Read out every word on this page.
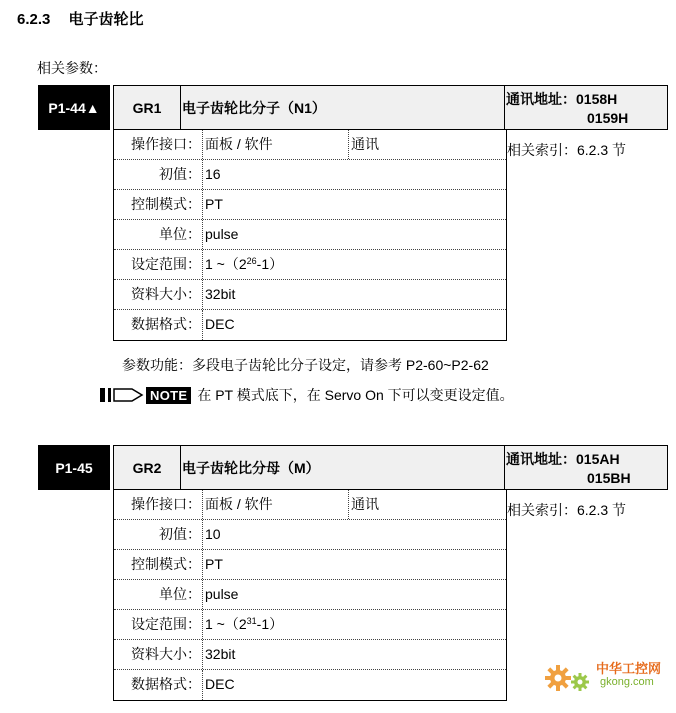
6.2.3 电子齿轮比
相关参数：
P1-44▲	GR1	电子齿轮比分子（N1）
通讯地址：0158H
0159H
操作接口： 面板 / 软件	通讯
初值： 16
控制模式： PT
单位： pulse
设定范围： 1 $\sim(2^{26}-1)$
资料大小： 32bit
数据格式： DEC
相关索引：6.2.3 节
参数功能：多段电子齿轮比分子设定，请参考 P2-60~P2-62
NOTE 在 PT 模式底下，在 Servo On 下可以变更设定值。
P1-45	GR2	电子齿轮比分母（M）
通讯地址：015AH
015BH
操作接口： 面板 / 软件	通讯
初值： 10
控制模式： PT
单位： pulse
设定范围： 1 $\sim(2^{31}-1)$
资料大小： 32bit
数据格式： DEC
相关索引：6.2.3 节
中华工控网
gkong.com
